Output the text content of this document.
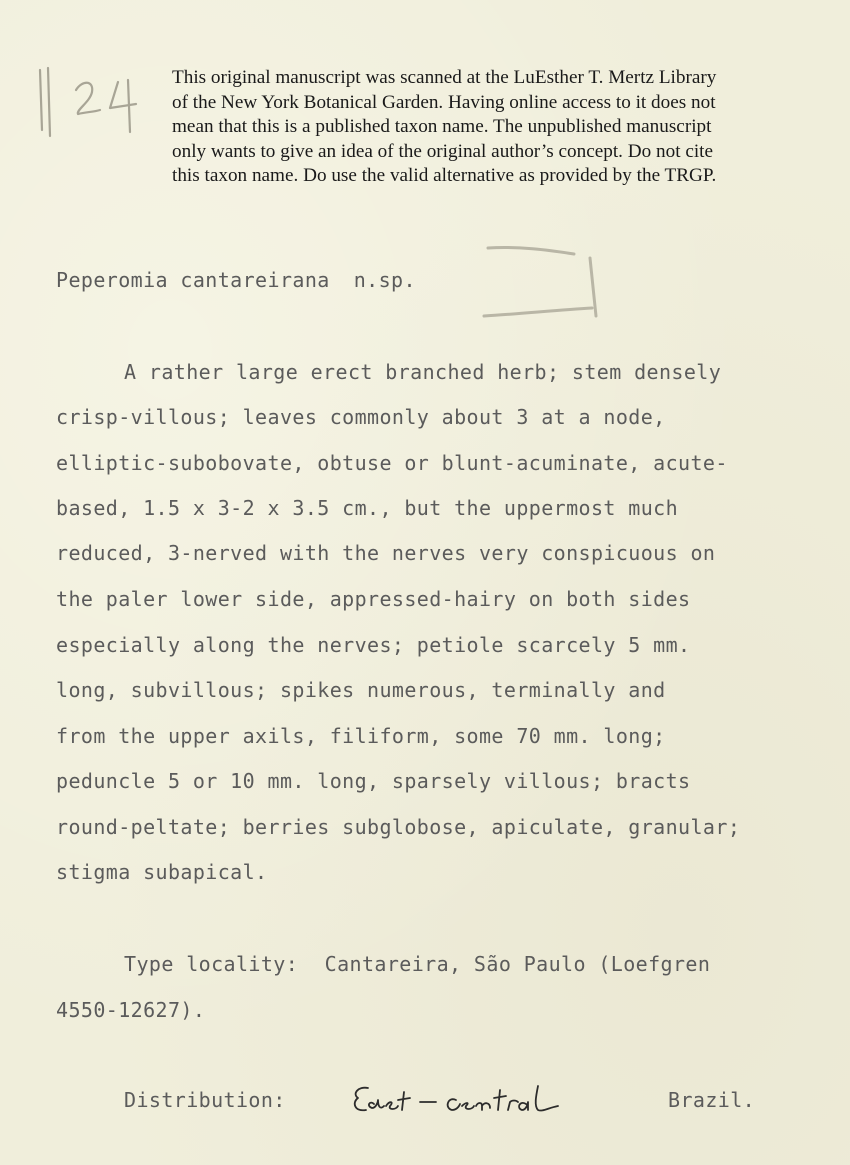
This original manuscript was scanned at the LuEsther T. Mertz Library
of the New York Botanical Garden. Having online access to it does not
mean that this is a published taxon name. The unpublished manuscript
only wants to give an idea of the original author’s concept. Do not cite
this taxon name. Do use the valid alternative as provided by the TRGP.
Peperomia cantareirana n.sp.
A rather large erect branched herb; stem densely
crisp-villous; leaves commonly about 3 at a node,
elliptic-subobovate, obtuse or blunt-acuminate, acute-
based, 1.5 x 3-2 x 3.5 cm., but the uppermost much
reduced, 3-nerved with the nerves very conspicuous on
the paler lower side, appressed-hairy on both sides
especially along the nerves; petiole scarcely 5 mm.
long, subvillous; spikes numerous, terminally and
from the upper axils, filiform, some 70 mm. long;
peduncle 5 or 10 mm. long, sparsely villous; bracts
round-peltate; berries subglobose, apiculate, granular;
stigma subapical.
Type locality: Cantareira, São Paulo (Loefgren
4550-12627).
Distribution:	Brazil.
